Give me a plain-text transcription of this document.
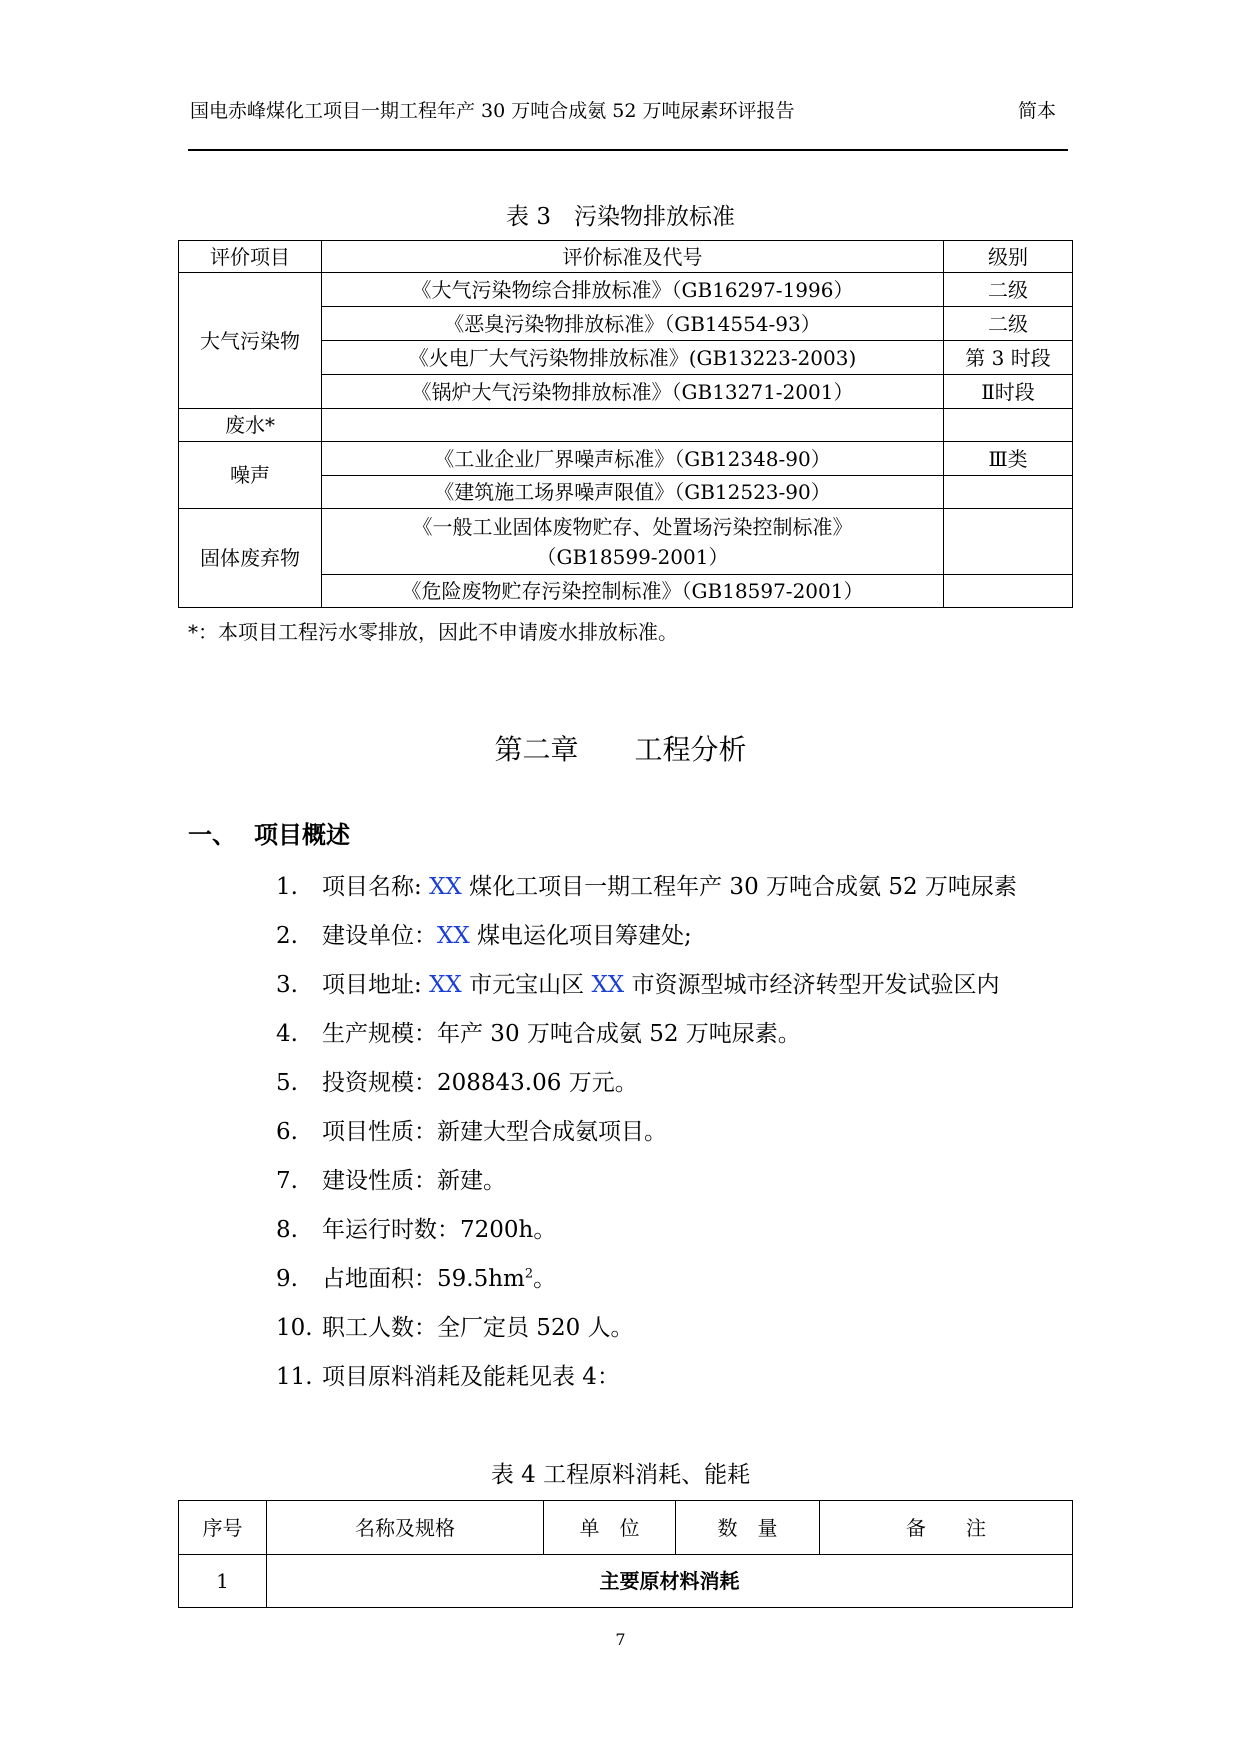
国电赤峰煤化工项目一期工程年产 30 万吨合成氨 52 万吨尿素环评报告	简本
表 3　污染物排放标准
评价项目	评价标准及代号	级别
大气污染物	《大气污染物综合排放标准》（GB16297-1996）	二级
	《恶臭污染物排放标准》（GB14554-93）	二级
	《火电厂大气污染物排放标准》(GB13223-2003)	第 3 时段
	《锅炉大气污染物排放标准》（GB13271-2001）	Ⅱ时段
废水*		
噪声	《工业企业厂界噪声标准》（GB12348-90）	Ⅲ类
	《建筑施工场界噪声限值》（GB12523-90）	
固体废弃物	《一般工业固体废物贮存、处置场污染控制标准》
（GB18599-2001）	

	《危险废物贮存污染控制标准》（GB18597-2001）	
*：本项目工程污水零排放，因此不申请废水排放标准。
第二章　　工程分析
一、 项目概述
1. 项目名称: XX 煤化工项目一期工程年产 30 万吨合成氨 52 万吨尿素
2. 建设单位：XX 煤电运化项目筹建处;
3. 项目地址: XX 市元宝山区 XX 市资源型城市经济转型开发试验区内
4. 生产规模：年产 30 万吨合成氨 52 万吨尿素。
5. 投资规模：208843.06 万元。
6. 项目性质：新建大型合成氨项目。
7. 建设性质：新建。
8. 年运行时数：7200h。
9. 占地面积：$59.5hm^2$。
10. 职工人数：全厂定员 520 人。
11. 项目原料消耗及能耗见表 4：
表 4 工程原料消耗、能耗
序号	名称及规格	单　位	数　量	备　　注
1	主要原材料消耗			
7
